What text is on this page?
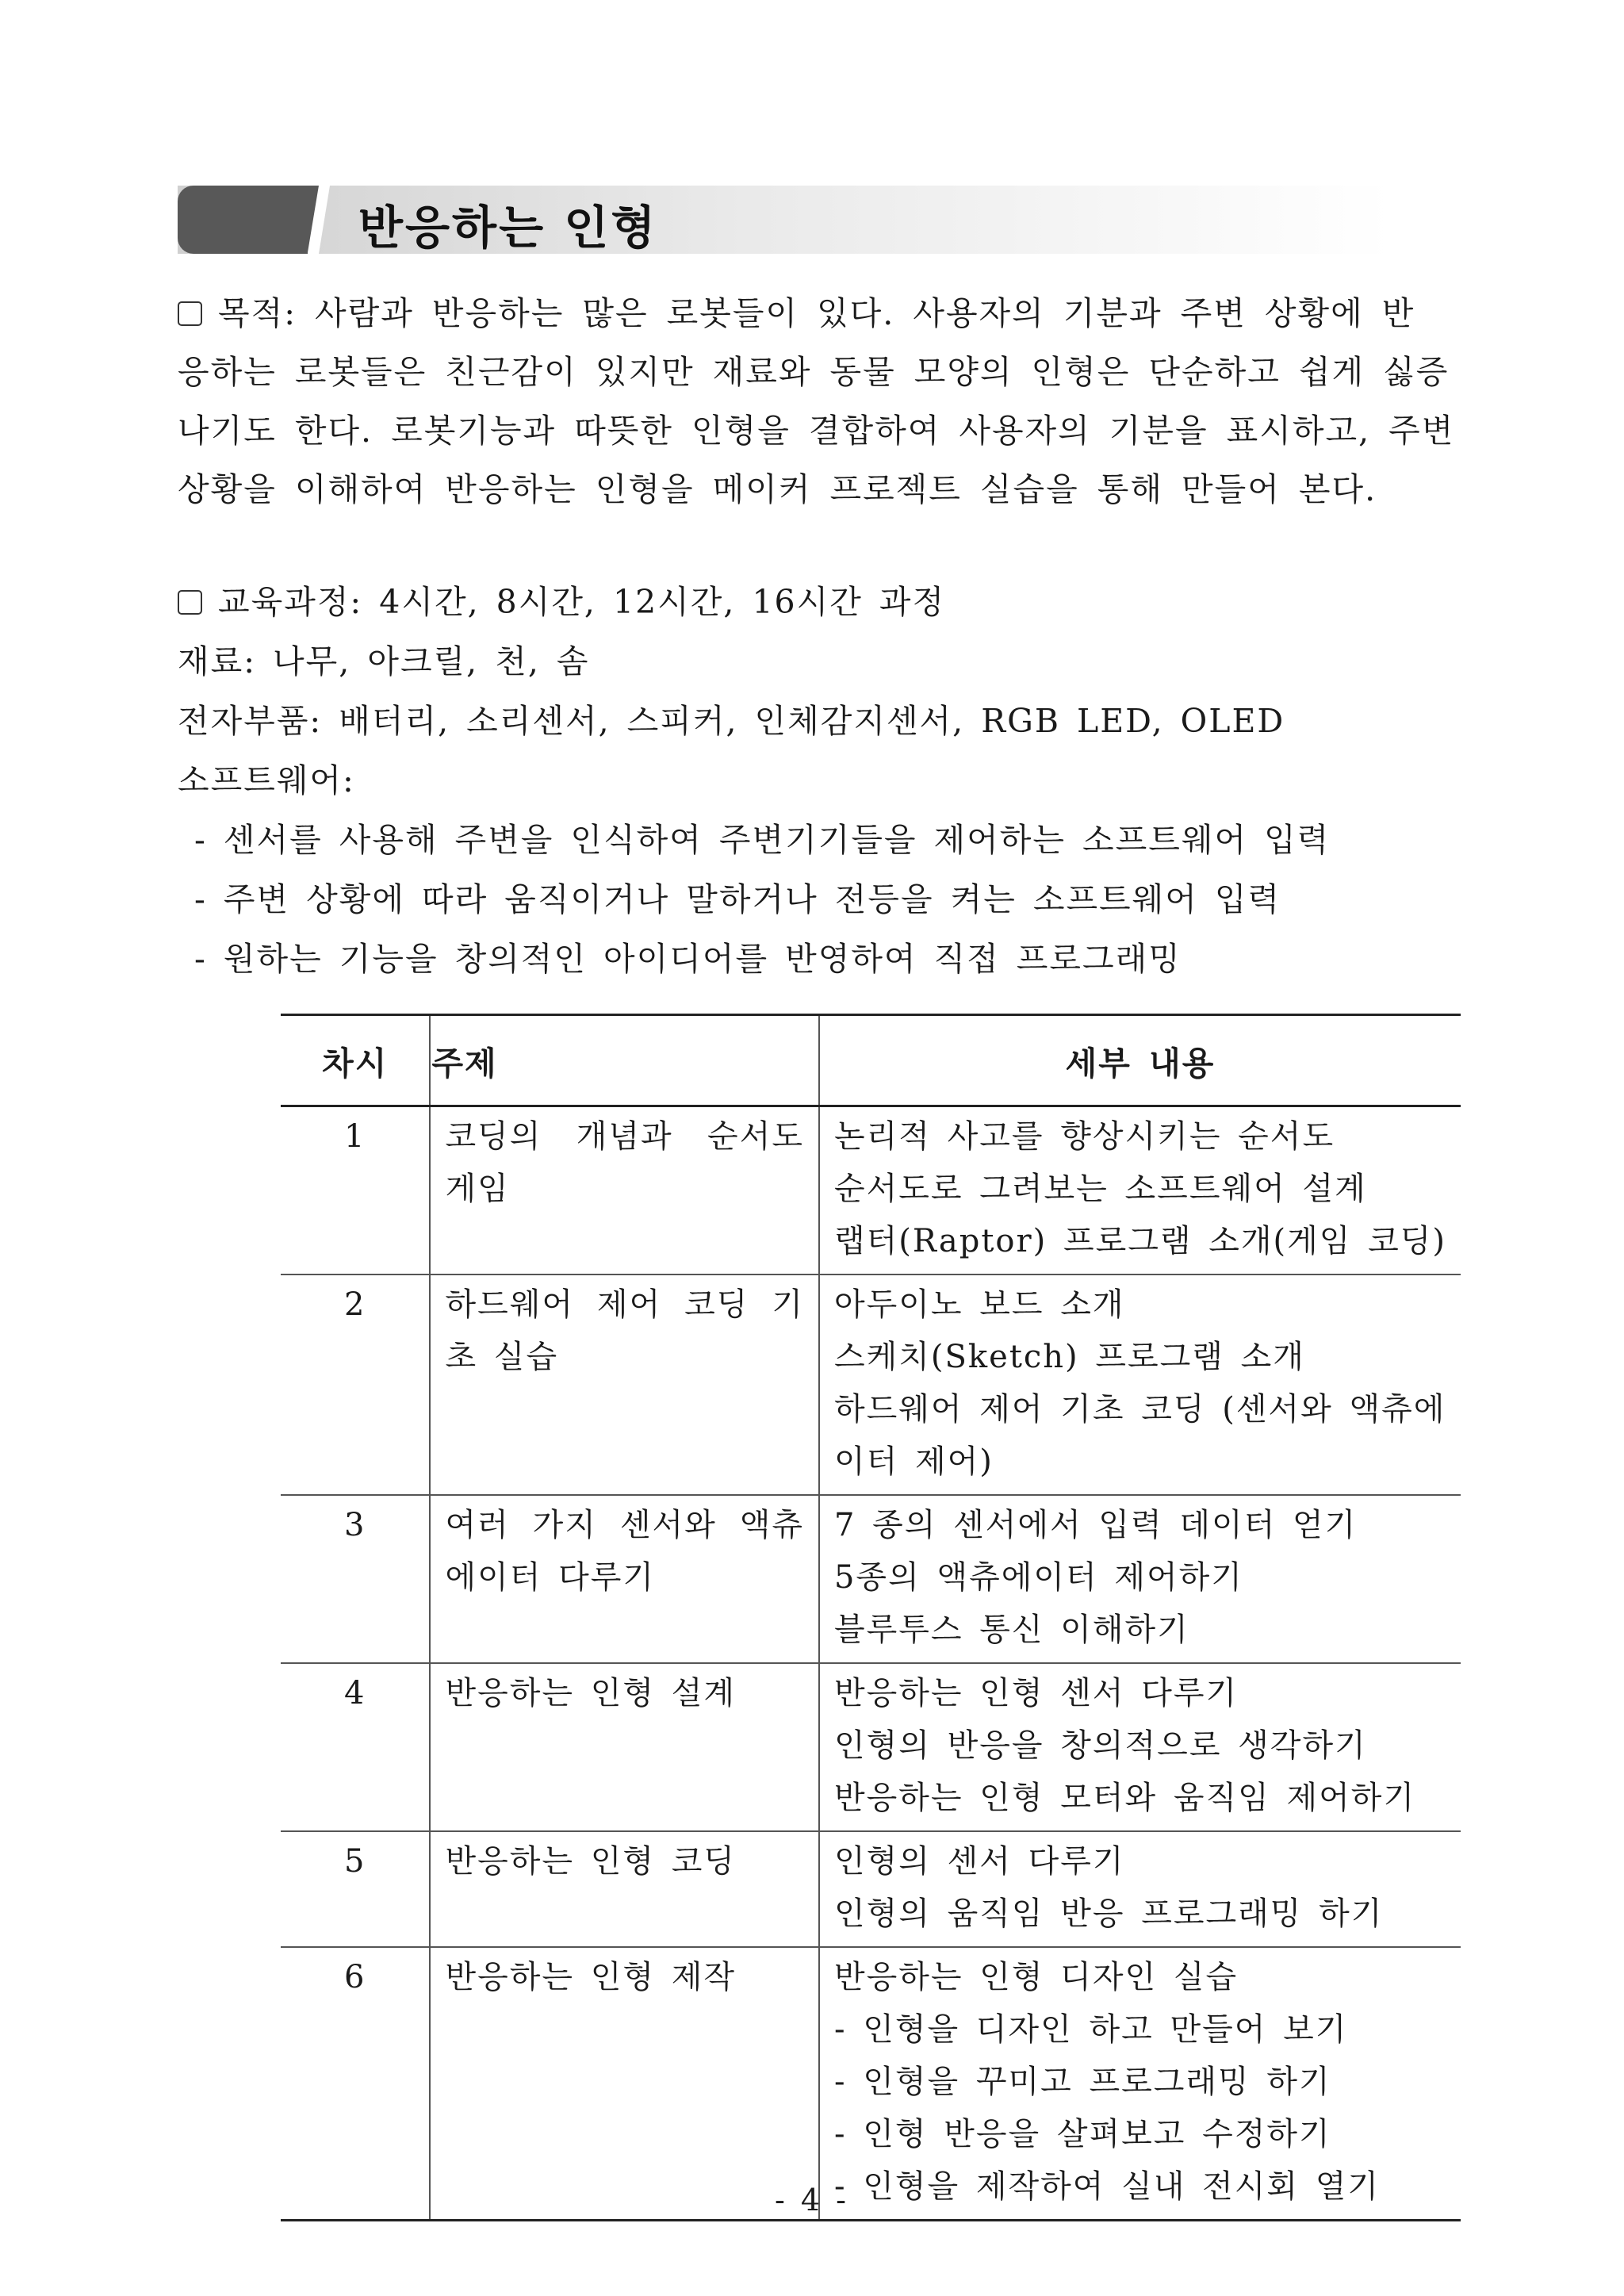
반응하는 인형
목적: 사람과 반응하는 많은 로봇들이 있다. 사용자의 기분과 주변 상황에 반
응하는 로봇들은 친근감이 있지만 재료와 동물 모양의 인형은 단순하고 쉽게 싫증
나기도 한다. 로봇기능과 따뜻한 인형을 결합하여 사용자의 기분을 표시하고, 주변
상황을 이해하여 반응하는 인형을 메이커 프로젝트 실습을 통해 만들어 본다.
교육과정: 4시간, 8시간, 12시간, 16시간 과정
재료: 나무, 아크릴, 천, 솜
전자부품: 배터리, 소리센서, 스피커, 인체감지센서, RGB LED, OLED
소프트웨어:
- 센서를 사용해 주변을 인식하여 주변기기들을 제어하는 소프트웨어 입력
- 주변 상황에 따라 움직이거나 말하거나 전등을 켜는 소프트웨어 입력
- 원하는 기능을 창의적인 아이디어를 반영하여 직접 프로그래밍
차시	주제	세부 내용
1	코딩의 개념과 순서도 게임	논리적 사고를 향상시키는 순서도
순서도로 그려보는 소프트웨어 설계
랩터(Raptor) 프로그램 소개(게임 코딩)

2	하드웨어 제어 코딩 기초 실습	아두이노 보드 소개
스케치(Sketch) 프로그램 소개
하드웨어 제어 기초 코딩 (센서와 액츄에
이터 제어)

3	여러 가지 센서와 액츄에이터 다루기	7 종의 센서에서 입력 데이터 얻기
5종의 액츄에이터 제어하기
블루투스 통신 이해하기

4	반응하는 인형 설계	반응하는 인형 센서 다루기
인형의 반응을 창의적으로 생각하기
반응하는 인형 모터와 움직임 제어하기

5	반응하는 인형 코딩	인형의 센서 다루기
인형의 움직임 반응 프로그래밍 하기

6	반응하는 인형 제작	반응하는 인형 디자인 실습
- 인형을 디자인 하고 만들어 보기
- 인형을 꾸미고 프로그래밍 하기
- 인형 반응을 살펴보고 수정하기
- 인형을 제작하여 실내 전시회 열기
- 4 -
